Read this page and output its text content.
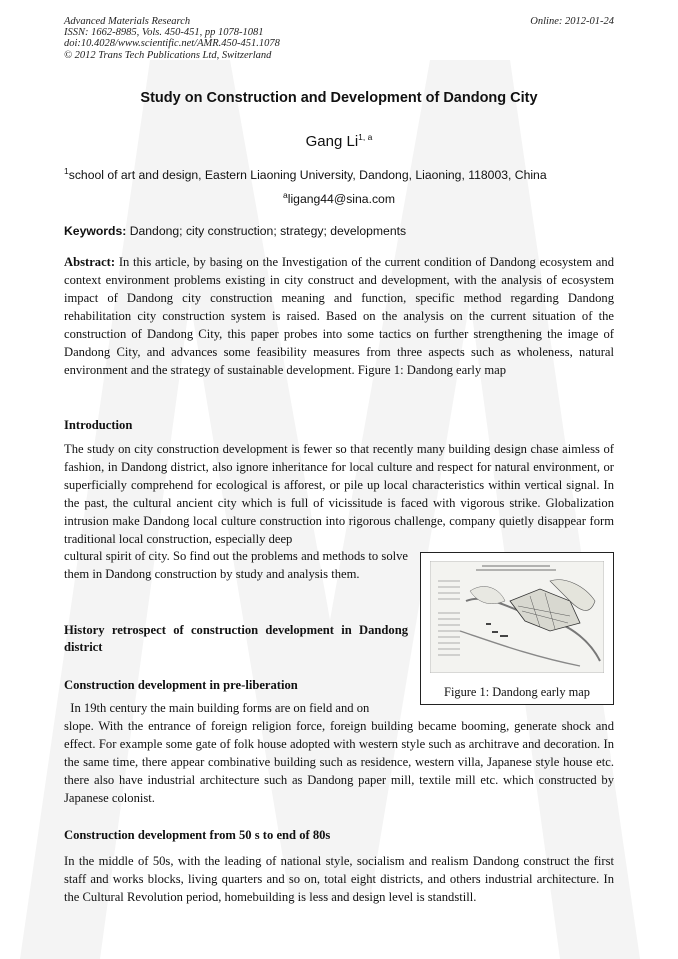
Advanced Materials Research
ISSN: 1662-8985, Vols. 450-451, pp 1078-1081
doi:10.4028/www.scientific.net/AMR.450-451.1078
© 2012 Trans Tech Publications Ltd, Switzerland
Online: 2012-01-24
Study on Construction and Development of Dandong City
Gang Li$^{1, a}$
$^1$school of art and design, Eastern Liaoning University, Dandong, Liaoning, 118003, China
$^a$ligang44@sina.com
Keywords: Dandong; city construction; strategy; developments
Abstract: In this article, by basing on the Investigation of the current condition of Dandong ecosystem and context environment problems existing in city construct and development, with the analysis of ecosystem impact of Dandong city construction meaning and function, specific method regarding Dandong rehabilitation city construction system is raised. Based on the analysis on the current situation of the construction of Dandong City, this paper probes into some tactics on further strengthening the image of Dandong City, and advances some feasibility measures from three aspects such as wholeness, natural environment and the strategy of sustainable development. Figure 1: Dandong early map
Introduction
The study on city construction development is fewer so that recently many building design chase aimless of fashion, in Dandong district, also ignore inheritance for local culture and respect for natural environment, or superficially comprehend for ecological is afforest, or pile up local characteristics within vertical signal. In the past, the cultural ancient city which is full of vicissitude is faced with vigorous strike. Globalization intrusion make Dandong local culture construction into rigorous challenge, company quietly disappear form traditional local construction, especially deep
cultural spirit of city. So find out the problems and methods to solve them in Dandong construction by study and analysis them.
History retrospect of construction development in Dandong district
Construction development in pre-liberation
In 19th century the main building forms are on field and on
slope. With the entrance of foreign religion force, foreign building became booming, generate shock and effect. For example some gate of folk house adopted with western style such as architrave and decoration. In the same time, there appear combinative building such as residence, western villa, Japanese style house etc. there also have industrial architecture such as Dandong paper mill, textile mill etc. which constructed by Japanese colonist.
Construction development from 50 s to end of 80s
In the middle of 50s, with the leading of national style, socialism and realism Dandong construct the first staff and works blocks, living quarters and so on, total eight districts, and others industrial architecture. In the Cultural Revolution period, homebuilding is less and design level is standstill.
Figure 1: Dandong early map
